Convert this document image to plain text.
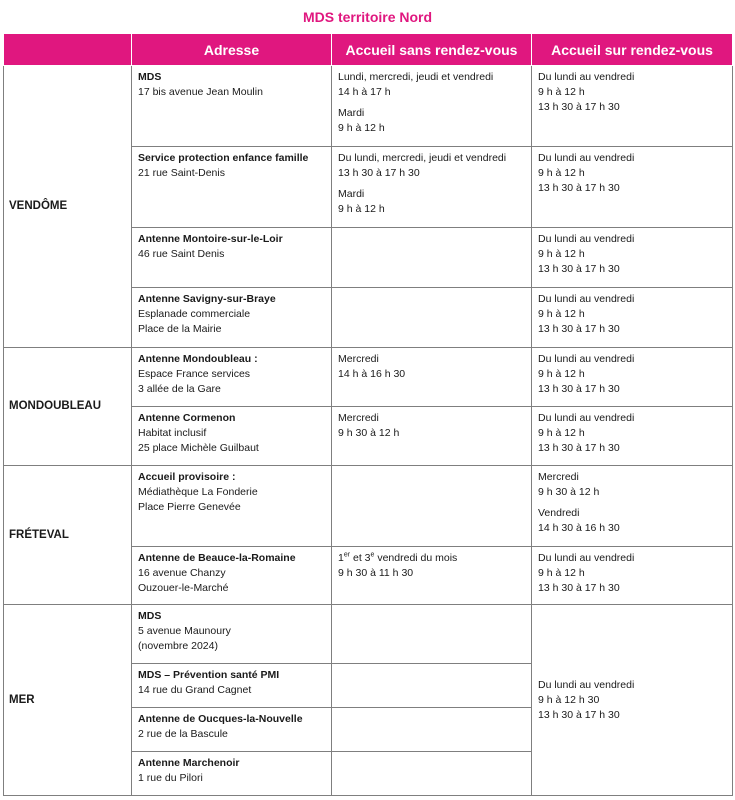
MDS territoire Nord
	Adresse	Accueil sans rendez-vous	Accueil sur rendez-vous
VENDÔME	MDS
17 bis avenue Jean Moulin	Lundi, mercredi, jeudi et vendredi
14 h à 17 h
Mardi
9 h à 12 h	Du lundi au vendredi
9 h à 12 h
13 h 30 à 17 h 30

	Service protection enfance famille
21 rue Saint-Denis	Du lundi, mercredi, jeudi et vendredi
13 h 30 à 17 h 30
Mardi
9 h à 12 h	Du lundi au vendredi
9 h à 12 h
13 h 30 à 17 h 30

	Antenne Montoire-sur-le-Loir
46 rue Saint Denis		Du lundi au vendredi
9 h à 12 h
13 h 30 à 17 h 30

	Antenne Savigny-sur-Braye
Esplanade commerciale
Place de la Mairie		Du lundi au vendredi
9 h à 12 h
13 h 30 à 17 h 30

MONDOUBLEAU	Antenne Mondoubleau :
Espace France services
3 allée de la Gare	Mercredi
14 h à 16 h 30	Du lundi au vendredi
9 h à 12 h
13 h 30 à 17 h 30

	Antenne Cormenon
Habitat inclusif
25 place Michèle Guilbaut	Mercredi
9 h 30 à 12 h	Du lundi au vendredi
9 h à 12 h
13 h 30 à 17 h 30

FRÉTEVAL	Accueil provisoire :
Médiathèque La Fonderie
Place Pierre Genevée		Mercredi
9 h 30 à 12 h
Vendredi
14 h 30 à 16 h 30

	Antenne de Beauce-la-Romaine
16 avenue Chanzy
Ouzouer-le-Marché	1er et 3e vendredi du mois
9 h 30 à 11 h 30	Du lundi au vendredi
9 h à 12 h
13 h 30 à 17 h 30

MER	MDS
5 avenue Maunoury
(novembre 2024)		Du lundi au vendredi
9 h à 12 h 30
13 h 30 à 17 h 30

	MDS – Prévention santé PMI
14 rue du Grand Cagnet		

	Antenne de Oucques-la-Nouvelle
2 rue de la Bascule		

	Antenne Marchenoir
1 rue du Pilori		
